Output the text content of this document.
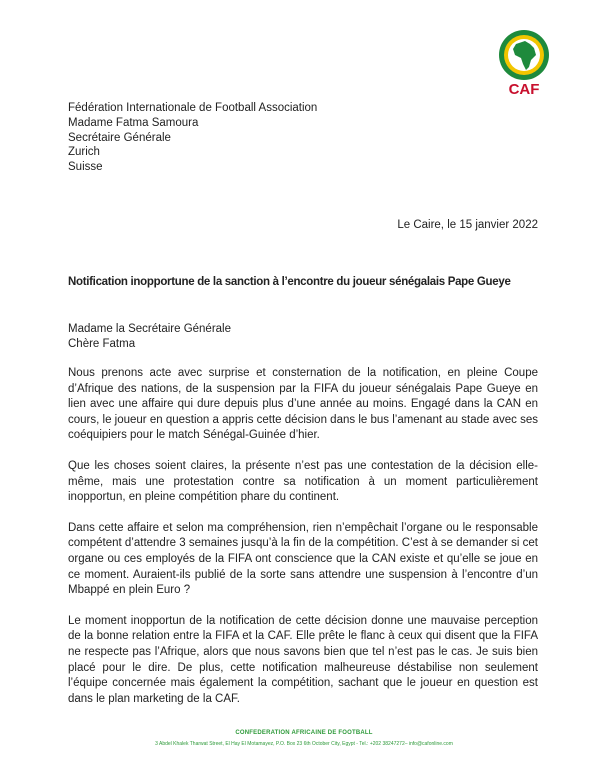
CAF
Fédération Internationale de Football Association
Madame Fatma Samoura
Secrétaire Générale
Zurich
Suisse
Le Caire, le 15 janvier 2022
Notification inopportune de la sanction à l’encontre du joueur sénégalais Pape Gueye
Madame la Secrétaire Générale
Chère Fatma

Nous prenons acte avec surprise et consternation de la notification, en pleine Coupe d’Afrique des nations, de la suspension par la FIFA du joueur sénégalais Pape Gueye en lien avec une affaire qui dure depuis plus d’une année au moins. Engagé dans la CAN en cours, le joueur en question a appris cette décision dans le bus l’amenant au stade avec ses coéquipiers pour le match Sénégal-Guinée d’hier.

Que les choses soient claires, la présente n’est pas une contestation de la décision elle-même, mais une protestation contre sa notification à un moment particulièrement inopportun, en pleine compétition phare du continent.

Dans cette affaire et selon ma compréhension, rien n’empêchait l’organe ou le responsable compétent d’attendre 3 semaines jusqu’à la fin de la compétition. C’est à se demander si cet organe ou ces employés de la FIFA ont conscience que la CAN existe et qu’elle se joue en ce moment. Auraient-ils publié de la sorte sans attendre une suspension à l’encontre d’un Mbappé en plein Euro ?

Le moment inopportun de la notification de cette décision donne une mauvaise perception de la bonne relation entre la FIFA et la CAF. Elle prête le flanc à ceux qui disent que la FIFA ne respecte pas l’Afrique, alors que nous savons bien que tel n’est pas le cas. Je suis bien placé pour le dire. De plus, cette notification malheureuse déstabilise non seulement l’équipe concernée mais également la compétition, sachant que le joueur en question est dans le plan marketing de la CAF.

CONFEDERATION AFRICAINE DE FOOTBALL
3 Abdel Khalek Tharwat Street, El Hay El Motamayez, P.O. Box 23 6th October City, Egypt - Tel.: +202 38247272– info@cafonline.com
